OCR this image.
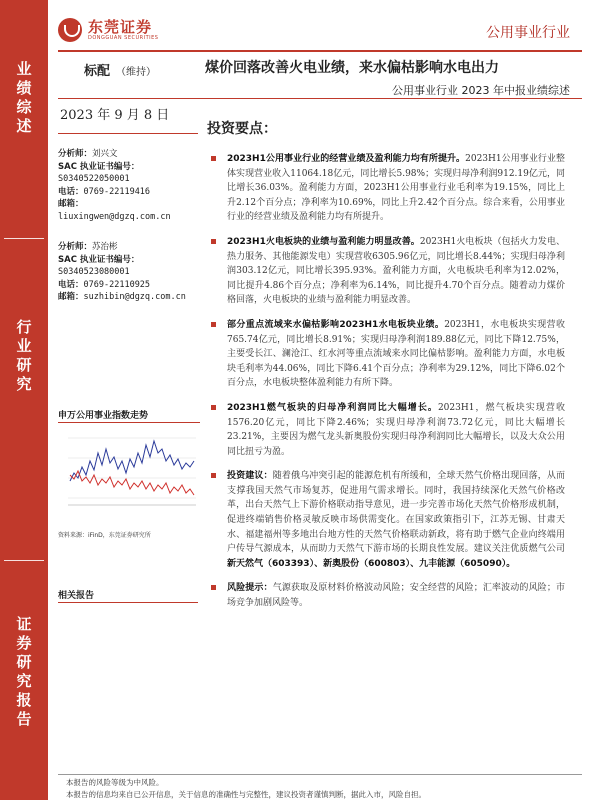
业
绩
综
述
行
业
研
究
证
券
研
究
报
告
东莞证券
DONGGUAN SECURITIES	公用事业行业
标配 （维持）	煤价回落改善火电业绩，来水偏枯影响水电出力
公用事业行业 2023 年中报业绩综述
2023 年 9 月 8 日
分析师：刘兴文
SAC 执业证书编号：
S0340522050001
电话：0769-22119416
邮箱：
liuxingwen@dgzq.com.cn
分析师：苏治彬
SAC 执业证书编号：
S0340523080001
电话：0769-22110925
邮箱：suzhibin@dgzq.com.cn
申万公用事业指数走势
资料来源：iFinD，东莞证券研究所
相关报告
投资要点：
2023H1公用事业行业的经营业绩及盈利能力均有所提升。2023H1公用事业行业整体实现营业收入11064.18亿元，同比增长5.98%；实现归母净利润912.19亿元，同比增长36.03%。盈利能力方面，2023H1公用事业行业毛利率为19.15%，同比上升2.12个百分点；净利率为10.69%，同比上升2.42个百分点。综合来看，公用事业行业的经营业绩及盈利能力均有所提升。
2023H1火电板块的业绩与盈利能力明显改善。2023H1火电板块（包括火力发电、热力服务、其他能源发电）实现营收6305.96亿元，同比增长8.44%；实现归母净利润303.12亿元，同比增长395.93%。盈利能力方面，火电板块毛利率为12.02%，同比提升4.86个百分点；净利率为6.14%，同比提升4.70个百分点。随着动力煤价格回落，火电板块的业绩与盈利能力明显改善。
部分重点流域来水偏枯影响2023H1水电板块业绩。2023H1，水电板块实现营收765.74亿元，同比增长8.91%；实现归母净利润189.88亿元，同比下降12.75%，主要受长江、澜沧江、红水河等重点流域来水同比偏枯影响。盈利能力方面，水电板块毛利率为44.06%，同比下降6.41个百分点；净利率为29.12%，同比下降6.02个百分点，水电板块整体盈利能力有所下降。
2023H1燃气板块的归母净利润同比大幅增长。2023H1，燃气板块实现营收1576.20亿元，同比下降2.46%；实现归母净利润73.72亿元，同比大幅增长23.21%，主要因为燃气龙头新奥股份实现归母净利润同比大幅增长，以及大众公用同比扭亏为盈。
投资建议：随着俄乌冲突引起的能源危机有所缓和，全球天然气价格出现回落，从而支撑我国天然气市场复苏，促进用气需求增长。同时，我国持续深化天然气价格改革，出台天然气上下游价格联动指导意见，进一步完善市场化天然气价格形成机制，促进终端销售价格灵敏反映市场供需变化。在国家政策指引下，江苏无锡、甘肃天水、福建福州等多地出台地方性的天然气价格联动新政，将有助于燃气企业向终端用户传导气源成本，从而助力天然气下游市场的长期良性发展。建议关注优质燃气公司新天然气（603393）、新奥股份（600803）、九丰能源（605090）。
风险提示：气源获取及原材料价格波动风险；安全经营的风险；汇率波动的风险；市场竞争加剧风险等。
本报告的风险等级为中风险。
本报告的信息均来自已公开信息，关于信息的准确性与完整性，建议投资者谨慎判断，据此入市，风险自担。
